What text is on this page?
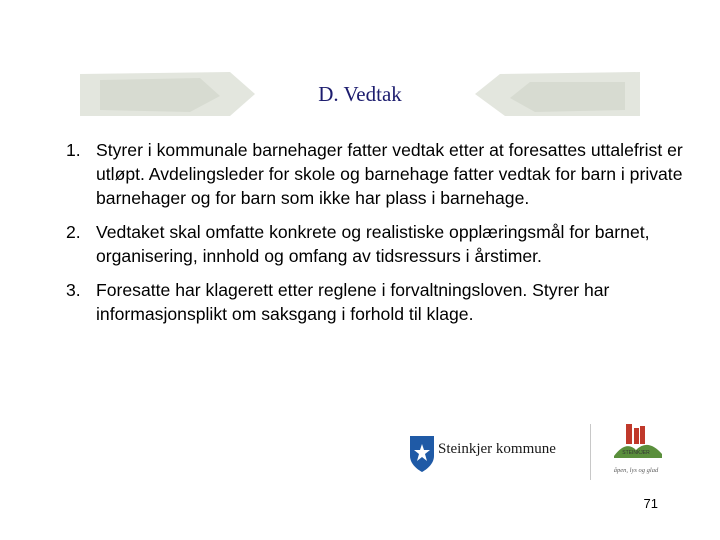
D. Vedtak
1. Styrer i kommunale barnehager fatter vedtak etter at foresattes uttalefrist er utløpt. Avdelingsleder for skole og barnehage fatter vedtak for barn i private barnehager og for barn som ikke har plass i barnehage.
2. Vedtaket skal omfatte konkrete og realistiske opplæringsmål for barnet, organisering, innhold og omfang av tidsressurs i årstimer.
3. Foresatte har klagerett etter reglene i forvaltningsloven. Styrer har informasjonsplikt om saksgang i forhold til klage.
Steinkjer kommune	STEINKJER
åpen, lys og glad
71
